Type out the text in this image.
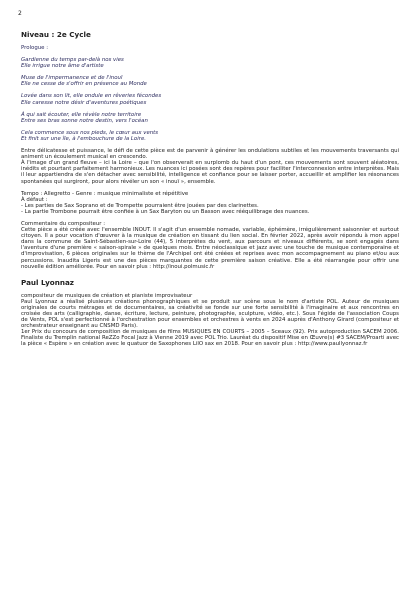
2

Niveau : 2e Cycle

Prologue :

Gardienne du temps par-delà nos vies

Elle irrigue notre âme d'artiste

Muse de l'impermanence et de l'inouï

Elle ne cesse de s'offrir en présence au Monde

Lovée dans son lit, elle ondule en rêveries fécondes

Elle caresse notre désir d'aventures poétiques

À qui sait écouter, elle révèle notre territoire

Entre ses bras sonne notre destin, vers l'océan

Cela commence sous nos pieds, le cœur aux vents

Et finit sur une île, à l'embouchure de la Loire.

Entre délicatesse et puissance, le défi de cette pièce est de parvenir à générer les ondulations subtiles et les mouvements traversants qui animent un écoulement musical en crescendo.

À l'image d'un grand fleuve – ici la Loire – que l'on observerait en surplomb du haut d'un pont, ces mouvements sont souvent aléatoires, inédits et pourtant parfaitement harmonieux. Les nuances ici posées sont des repères pour faciliter l'interconnexion entre interprètes. Mais il leur appartiendra de s'en détacher avec sensibilité, intelligence et confiance pour se laisser porter, accueillir et amplifier les résonances spontanées qui surgiront, pour alors révéler un son « inouï », ensemble.

Tempo : Allegretto - Genre : musique minimaliste et répétitive

À défaut :

- Les parties de Sax Soprano et de Trompette pourraient être jouées par des clarinettes.

- La partie Trombone pourrait être confiée à un Sax Baryton ou un Basson avec rééquilibrage des nuances.

Commentaire du compositeur :

Cette pièce a été créée avec l'ensemble INOUT. Il s'agit d'un ensemble nomade, variable, éphémère, irrégulièrement saisonnier et surtout citoyen. Il a pour vocation d'œuvrer à la musique de création en tissant du lien social. En février 2022, après avoir répondu à mon appel dans la commune de Saint-Sébastien-sur-Loire (44), 5 interprètes du vent, aux parcours et niveaux différents, se sont engagés dans l'aventure d'une première « saison-spirale » de quelques mois. Entre néoclassique et jazz avec une touche de musique contemporaine et d'improvisation, 6 pièces originales sur le thème de l'Archipel ont été créées et reprises avec mon accompagnement au piano et/ou aux percussions. Inaudita Ligeris est une des pièces marquantes de cette première saison créative. Elle a été réarrangée pour offrir une nouvelle édition améliorée. Pour en savoir plus : http://inoui.polmusic.fr

Paul Lyonnaz

compositeur de musiques de création et pianiste improvisateur

Paul Lyonnaz a réalisé plusieurs créations phonographiques et se produit sur scène sous le nom d'artiste POL. Auteur de musiques originales de courts métrages et de documentaires, sa créativité se fonde sur une forte sensibilité à l'imaginaire et aux rencontres en croisée des arts (calligraphie, danse, écriture, lecture, peinture, photographie, sculpture, vidéo, etc.). Sous l'égide de l'association Coups de Vents, POL s'est perfectionné à l'orchestration pour ensembles et orchestres à vents en 2024 auprès d'Anthony Girard (compositeur et orchestrateur enseignant au CNSMD Paris).

1er Prix du concours de composition de musiques de films MUSIQUES EN COURTS – 2005 – Sceaux (92). Prix autoproduction SACEM 2006. Finaliste du Tremplin national ReZZo Focal Jazz à Vienne 2019 avec POL Trio. Lauréat du dispositif Mise en Œuvre(s) #3 SACEM/Proarti avec la pièce « Espère » en création avec le quatuor de Saxophones LilO sax en 2018. Pour en savoir plus : http://www.paullyonnaz.fr
